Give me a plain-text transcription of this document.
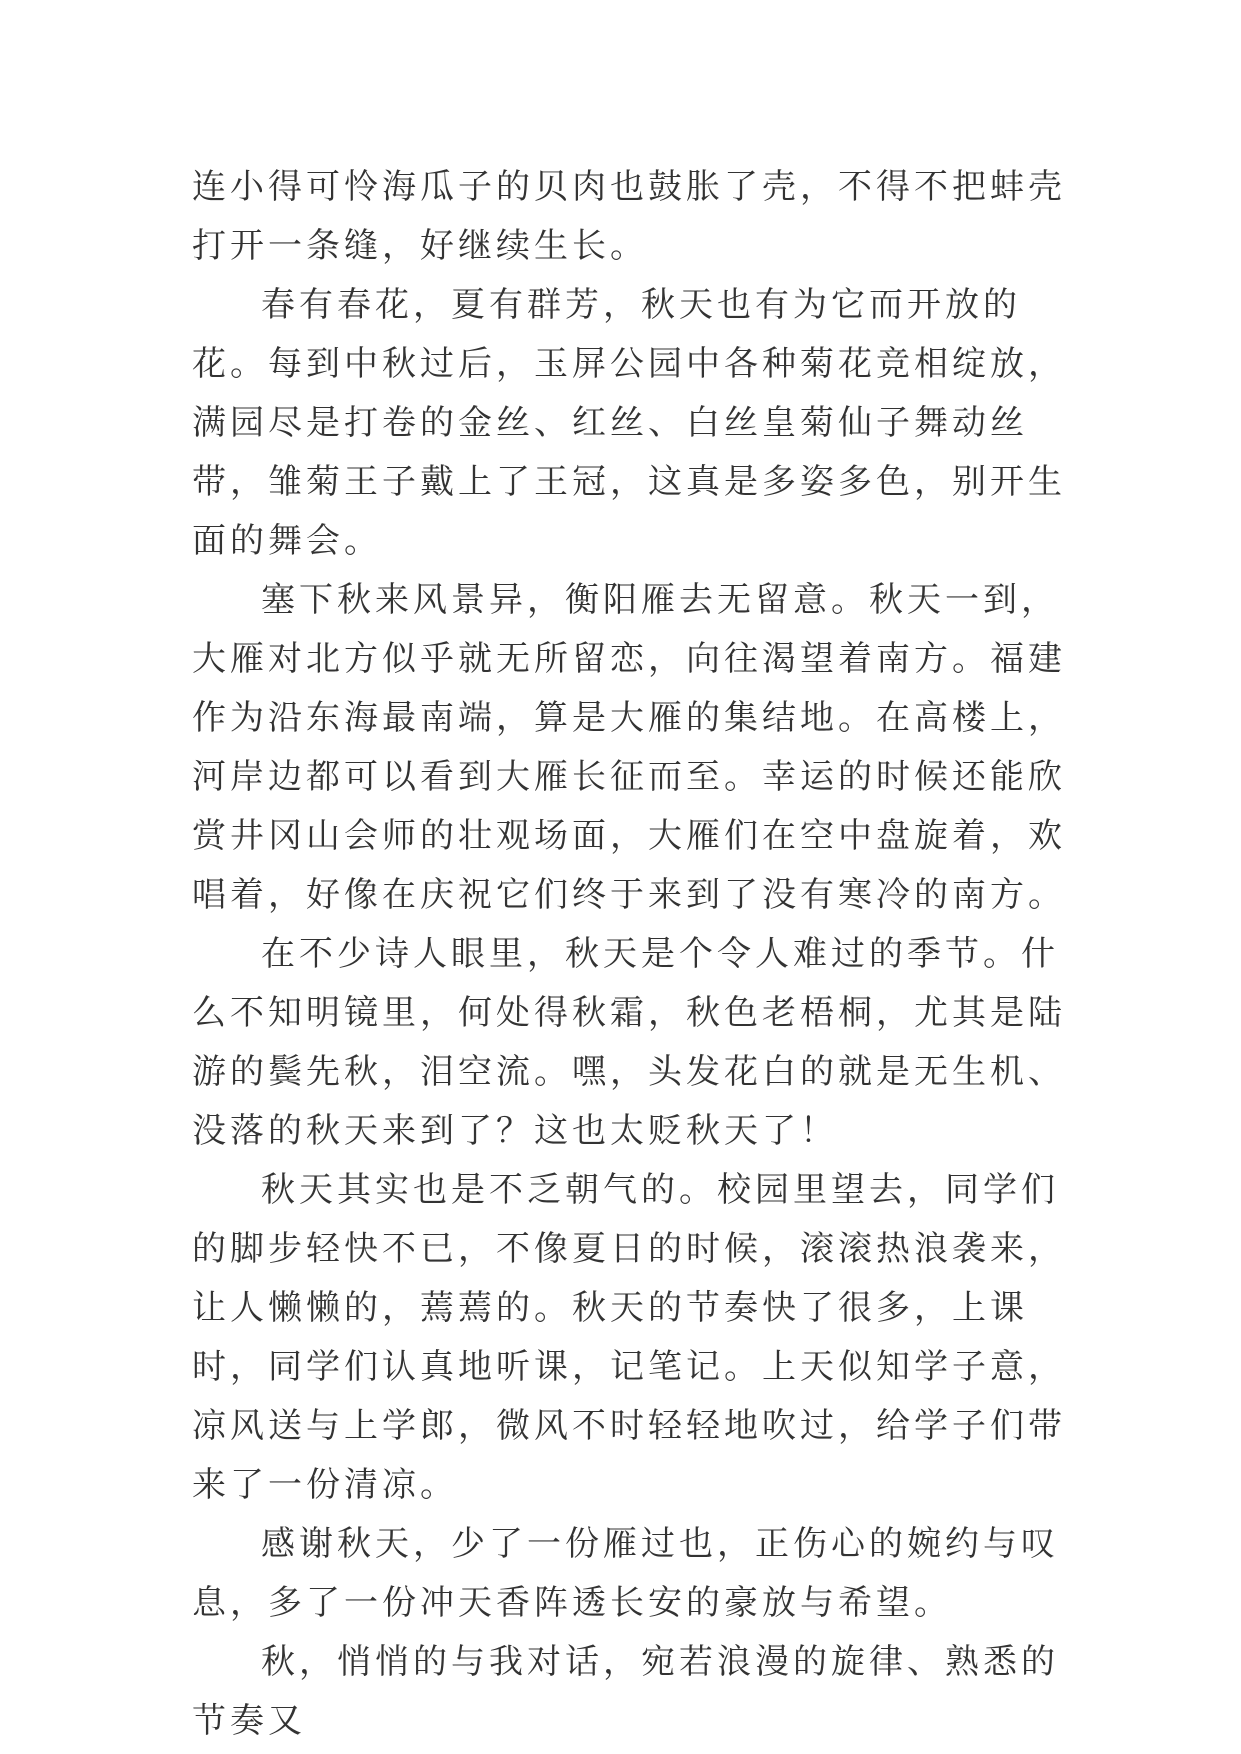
连小得可怜海瓜子的贝肉也鼓胀了壳，不得不把蚌壳打开一条缝，好继续生长。

春有春花，夏有群芳，秋天也有为它而开放的花。每到中秋过后，玉屏公园中各种菊花竞相绽放，满园尽是打卷的金丝、红丝、白丝皇菊仙子舞动丝带，雏菊王子戴上了王冠，这真是多姿多色，别开生面的舞会。

塞下秋来风景异，衡阳雁去无留意。秋天一到，大雁对北方似乎就无所留恋，向往渴望着南方。福建作为沿东海最南端，算是大雁的集结地。在高楼上，河岸边都可以看到大雁长征而至。幸运的时候还能欣赏井冈山会师的壮观场面，大雁们在空中盘旋着，欢唱着，好像在庆祝它们终于来到了没有寒冷的南方。

在不少诗人眼里，秋天是个令人难过的季节。什么不知明镜里，何处得秋霜，秋色老梧桐，尤其是陆游的鬓先秋，泪空流。嘿，头发花白的就是无生机、没落的秋天来到了？这也太贬秋天了！

秋天其实也是不乏朝气的。校园里望去，同学们的脚步轻快不已，不像夏日的时候，滚滚热浪袭来，让人懒懒的，蔫蔫的。秋天的节奏快了很多，上课时，同学们认真地听课，记笔记。上天似知学子意，凉风送与上学郎，微风不时轻轻地吹过，给学子们带来了一份清凉。

感谢秋天，少了一份雁过也，正伤心的婉约与叹息，多了一份冲天香阵透长安的豪放与希望。

秋，悄悄的与我对话，宛若浪漫的旋律、熟悉的节奏又
